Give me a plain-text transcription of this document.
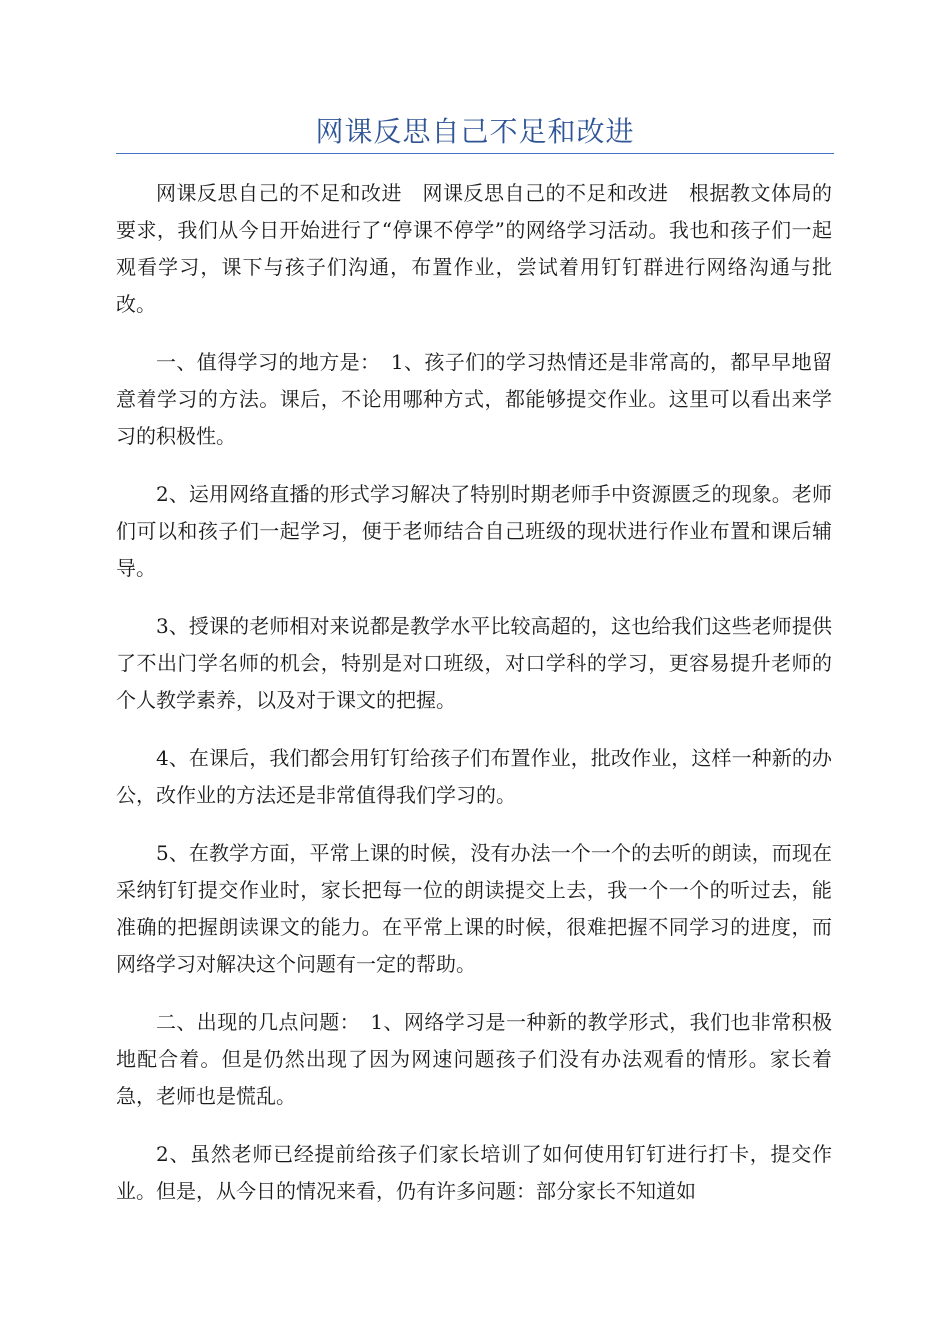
网课反思自己不足和改进

网课反思自己的不足和改进　网课反思自己的不足和改进　根据教文体局的要求，我们从今日开始进行了“停课不停学”的网络学习活动。我也和孩子们一起观看学习，课下与孩子们沟通，布置作业，尝试着用钉钉群进行网络沟通与批改。

一、值得学习的地方是：　1、孩子们的学习热情还是非常高的，都早早地留意着学习的方法。课后，不论用哪种方式，都能够提交作业。这里可以看出来学习的积极性。

2、运用网络直播的形式学习解决了特别时期老师手中资源匮乏的现象。老师们可以和孩子们一起学习，便于老师结合自己班级的现状进行作业布置和课后辅导。

3、授课的老师相对来说都是教学水平比较高超的，这也给我们这些老师提供了不出门学名师的机会，特别是对口班级，对口学科的学习，更容易提升老师的个人教学素养，以及对于课文的把握。

4、在课后，我们都会用钉钉给孩子们布置作业，批改作业，这样一种新的办公，改作业的方法还是非常值得我们学习的。

5、在教学方面，平常上课的时候，没有办法一个一个的去听的朗读，而现在采纳钉钉提交作业时，家长把每一位的朗读提交上去，我一个一个的听过去，能准确的把握朗读课文的能力。在平常上课的时候，很难把握不同学习的进度，而网络学习对解决这个问题有一定的帮助。

二、出现的几点问题：　1、网络学习是一种新的教学形式，我们也非常积极地配合着。但是仍然出现了因为网速问题孩子们没有办法观看的情形。家长着急，老师也是慌乱。

2、虽然老师已经提前给孩子们家长培训了如何使用钉钉进行打卡，提交作业。但是，从今日的情况来看，仍有许多问题：部分家长不知道如
